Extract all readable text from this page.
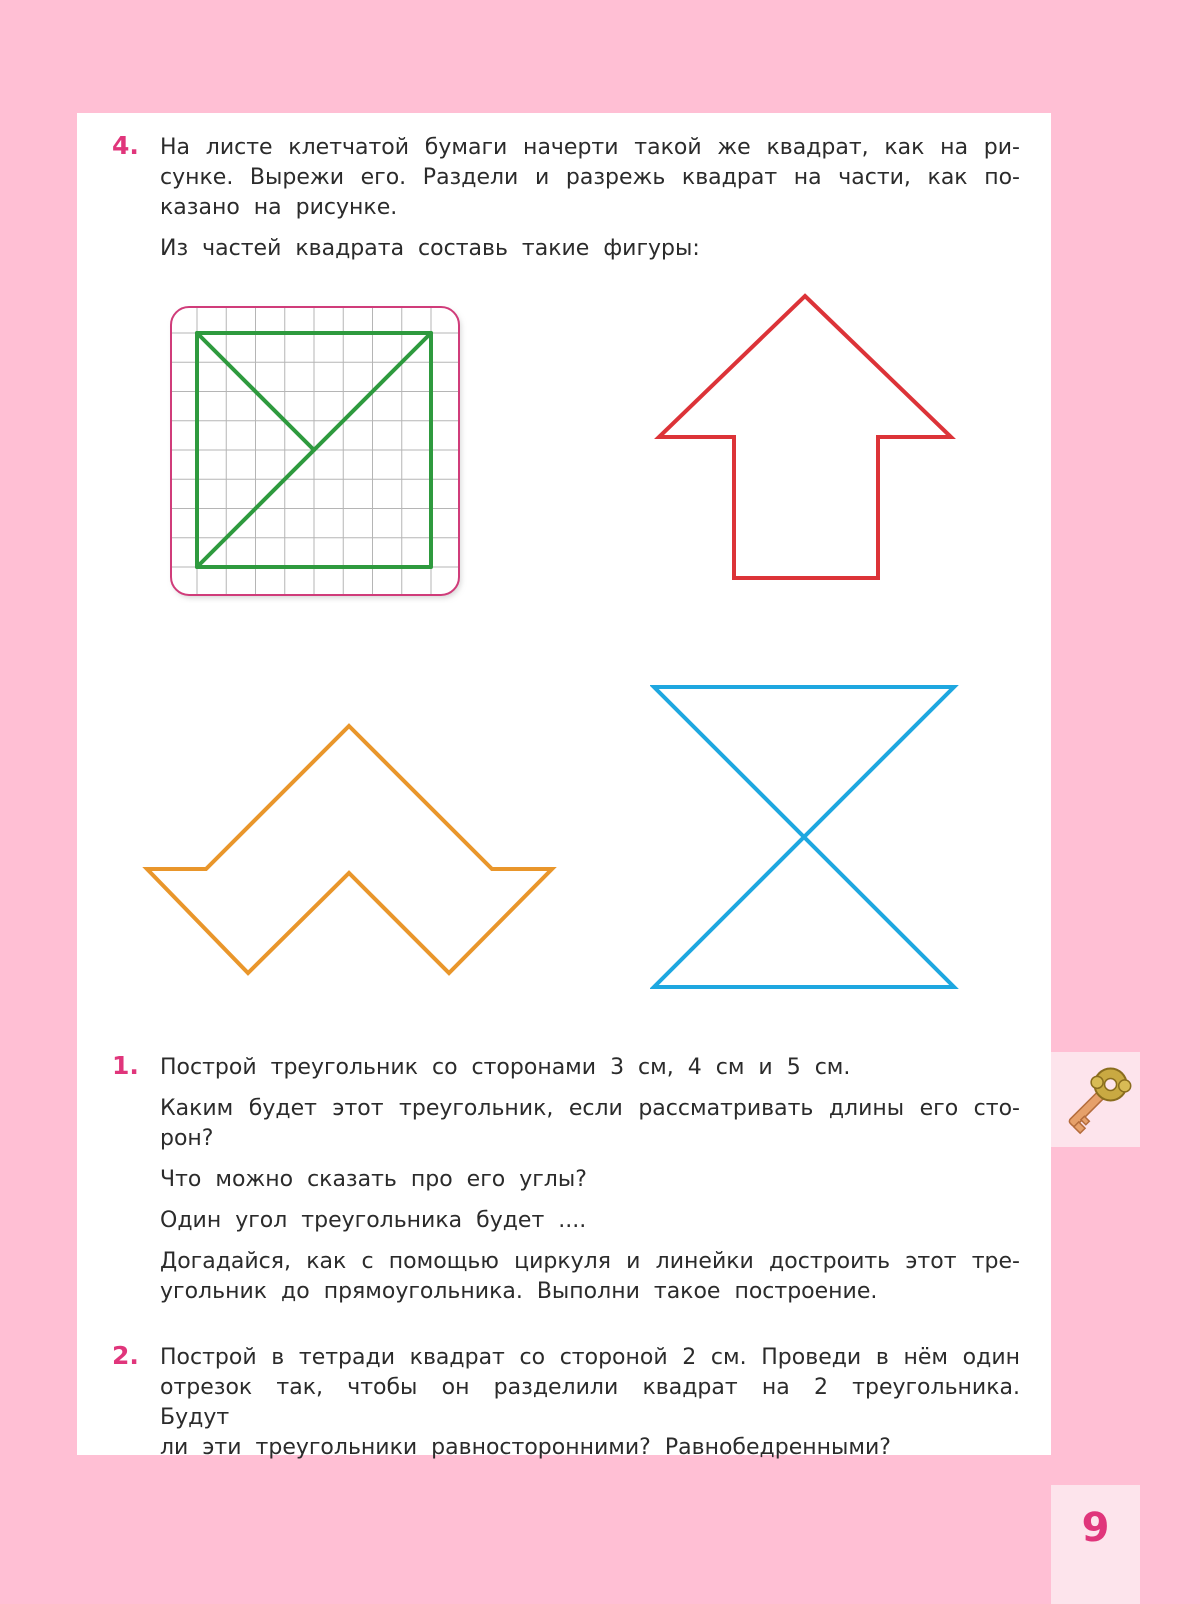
4. На листе клетчатой бумаги начерти такой же квадрат, как на ри-

сунке. Вырежи его. Раздели и разрежь квадрат на части, как по-

казано на рисунке.

Из частей квадрата составь такие фигуры:

1. Построй треугольник со сторонами 3 см, 4 см и 5 см.

Каким будет этот треугольник, если рассматривать длины его сто-

рон?

Что можно сказать про его углы?

Один угол треугольника будет ....

Догадайся, как с помощью циркуля и линейки достроить этот тре-

угольник до прямоугольника. Выполни такое построение.

2. Построй в тетради квадрат со стороной 2 см. Проведи в нём один

отрезок так, чтобы он разделили квадрат на 2 треугольника. Будут

ли эти треугольники равносторонними? Равнобедренными?

9
